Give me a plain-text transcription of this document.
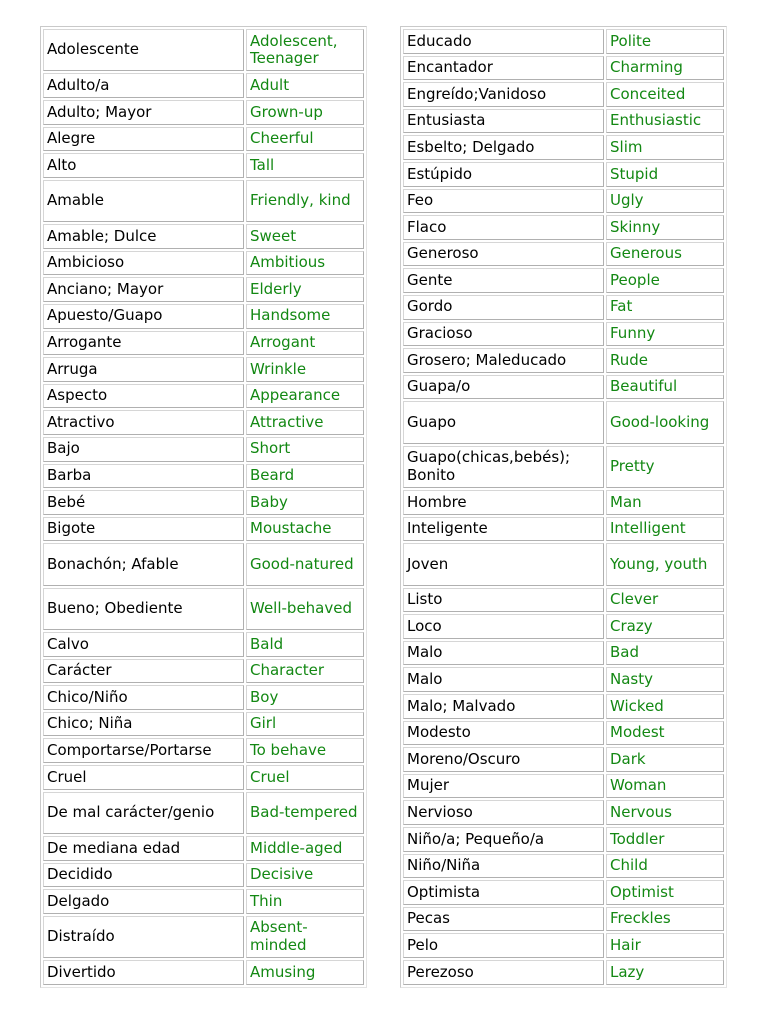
Adolescente	Adolescent, Teenager
Adulto/a	Adult
Adulto; Mayor	Grown-up
Alegre	Cheerful
Alto	Tall
Amable	Friendly, kind
Amable; Dulce	Sweet
Ambicioso	Ambitious
Anciano; Mayor	Elderly
Apuesto/Guapo	Handsome
Arrogante	Arrogant
Arruga	Wrinkle
Aspecto	Appearance
Atractivo	Attractive
Bajo	Short
Barba	Beard
Bebé	Baby
Bigote	Moustache
Bonachón; Afable	Good-natured
Bueno; Obediente	Well-behaved
Calvo	Bald
Carácter	Character
Chico/Niño	Boy
Chico; Niña	Girl
Comportarse/Portarse	To behave
Cruel	Cruel
De mal carácter/genio	Bad-tempered
De mediana edad	Middle-aged
Decidido	Decisive
Delgado	Thin
Distraído	Absent-minded
Divertido	Amusing
Educado	Polite
Encantador	Charming
Engreído;Vanidoso	Conceited
Entusiasta	Enthusiastic
Esbelto; Delgado	Slim
Estúpido	Stupid
Feo	Ugly
Flaco	Skinny
Generoso	Generous
Gente	People
Gordo	Fat
Gracioso	Funny
Grosero; Maleducado	Rude
Guapa/o	Beautiful
Guapo	Good-looking
Guapo(chicas,bebés); Bonito	Pretty
Hombre	Man
Inteligente	Intelligent
Joven	Young, youth
Listo	Clever
Loco	Crazy
Malo	Bad
Malo	Nasty
Malo; Malvado	Wicked
Modesto	Modest
Moreno/Oscuro	Dark
Mujer	Woman
Nervioso	Nervous
Niño/a; Pequeño/a	Toddler
Niño/Niña	Child
Optimista	Optimist
Pecas	Freckles
Pelo	Hair
Perezoso	Lazy
